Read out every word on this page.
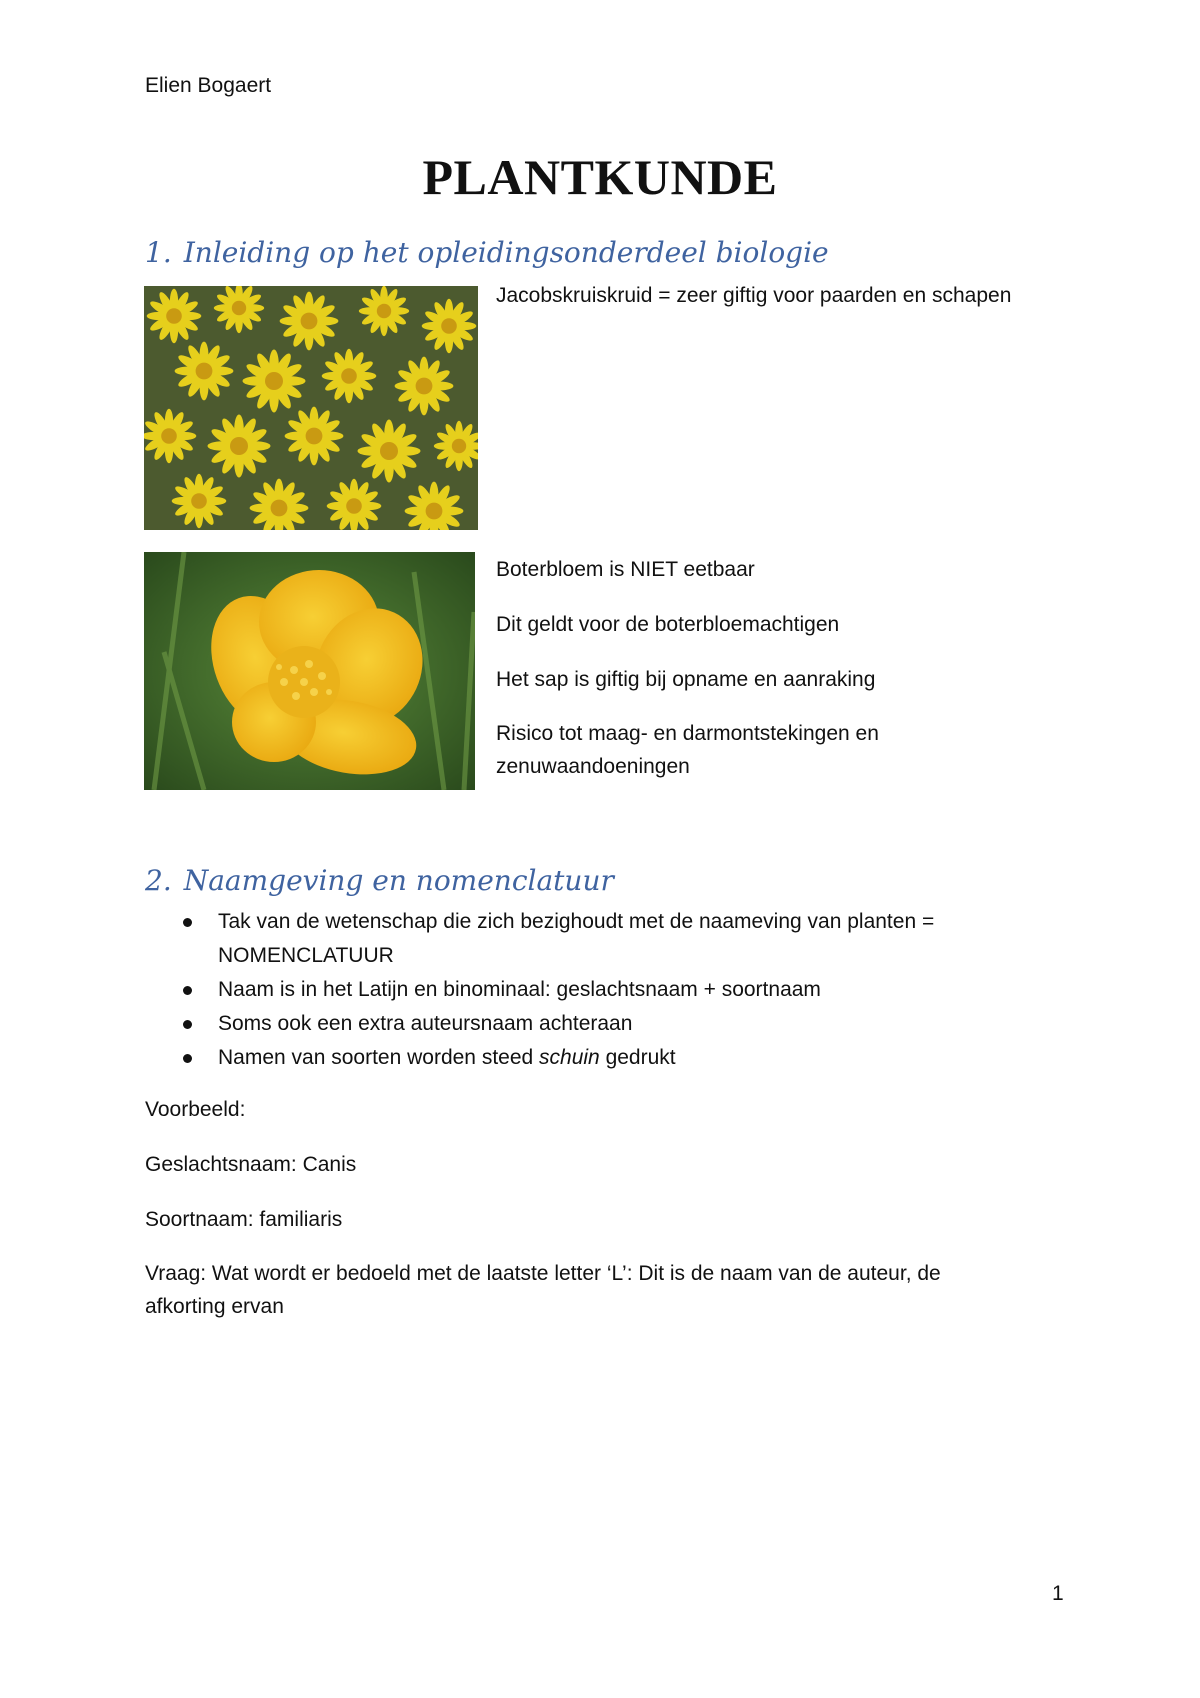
Elien Bogaert
PLANTKUNDE
1. Inleiding op het opleidingsonderdeel biologie
Jacobskruiskruid = zeer giftig voor paarden en schapen
Boterbloem is NIET eetbaar
Dit geldt voor de boterbloemachtigen
Het sap is giftig bij opname en aanraking
Risico tot maag- en darmontstekingen en zenuwaandoeningen
2. Naamgeving en nomenclatuur
Tak van de wetenschap die zich bezighoudt met de naameving van planten = NOMENCLATUUR
Naam is in het Latijn en binominaal: geslachtsnaam + soortnaam
Soms ook een extra auteursnaam achteraan
Namen van soorten worden steed schuin gedrukt
Voorbeeld:
Geslachtsnaam: Canis
Soortnaam: familiaris
Vraag: Wat wordt er bedoeld met de laatste letter ‘L’: Dit is de naam van de auteur, de afkorting ervan
1
